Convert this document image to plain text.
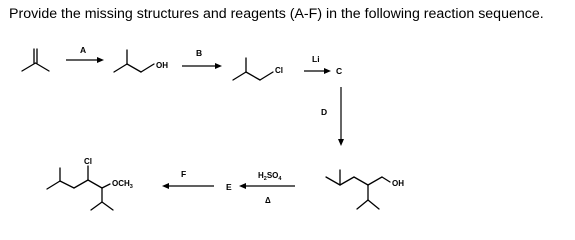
Provide the missing structures and reagents (A-F) in the following reaction sequence.
A
OH
B
Cl
Li
C
D
OH
$H_2SO_4$
Δ
E
F
Cl
$OCH_3$
